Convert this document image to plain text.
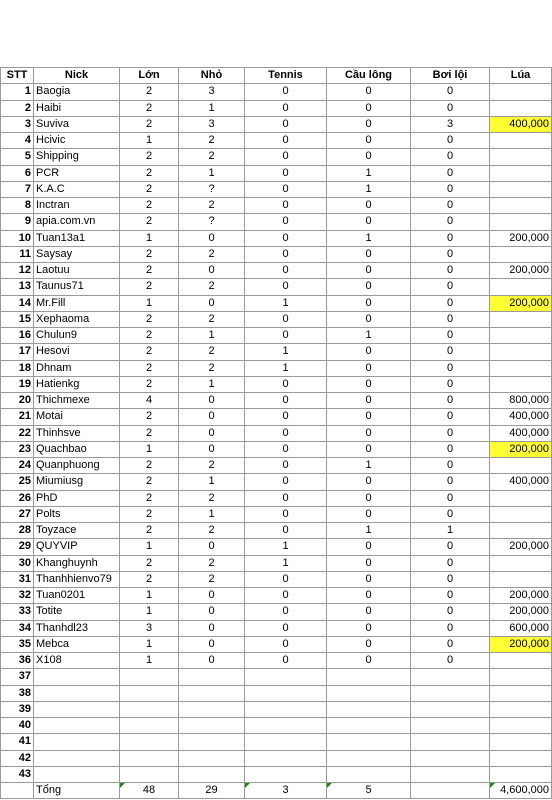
STT	Nick	Lớn	Nhỏ	Tennis	Cầu lông	Bơi lội	Lúa
1	Baogia	2	3	0	0	0	
2	Haibi	2	1	0	0	0	
3	Suviva	2	3	0	0	3	400,000
4	Hcivic	1	2	0	0	0	
5	Shipping	2	2	0	0	0	
6	PCR	2	1	0	1	0	
7	K.A.C	2	?	0	1	0	
8	Inctran	2	2	0	0	0	
9	apia.com.vn	2	?	0	0	0	
10	Tuan13a1	1	0	0	1	0	200,000
11	Saysay	2	2	0	0	0	
12	Laotuu	2	0	0	0	0	200,000
13	Taunus71	2	2	0	0	0	
14	Mr.Fill	1	0	1	0	0	200,000
15	Xephaoma	2	2	0	0	0	
16	Chulun9	2	1	0	1	0	
17	Hesovi	2	2	1	0	0	
18	Dhnam	2	2	1	0	0	
19	Hatienkg	2	1	0	0	0	
20	Thichmexe	4	0	0	0	0	800,000
21	Motai	2	0	0	0	0	400,000
22	Thinhsve	2	0	0	0	0	400,000
23	Quachbao	1	0	0	0	0	200,000
24	Quanphuong	2	2	0	1	0	
25	Miumiusg	2	1	0	0	0	400,000
26	PhD	2	2	0	0	0	
27	Polts	2	1	0	0	0	
28	Toyzace	2	2	0	1	1	
29	QUYVIP	1	0	1	0	0	200,000
30	Khanghuynh	2	2	1	0	0	
31	Thanhhienvo79	2	2	0	0	0	
32	Tuan0201	1	0	0	0	0	200,000
33	Totite	1	0	0	0	0	200,000
34	Thanhdl23	3	0	0	0	0	600,000
35	Mebca	1	0	0	0	0	200,000
36	X108	1	0	0	0	0	
37							
38							
39							
40							
41							
42							
43							
	Tổng	48	29	3	5		4,600,000
